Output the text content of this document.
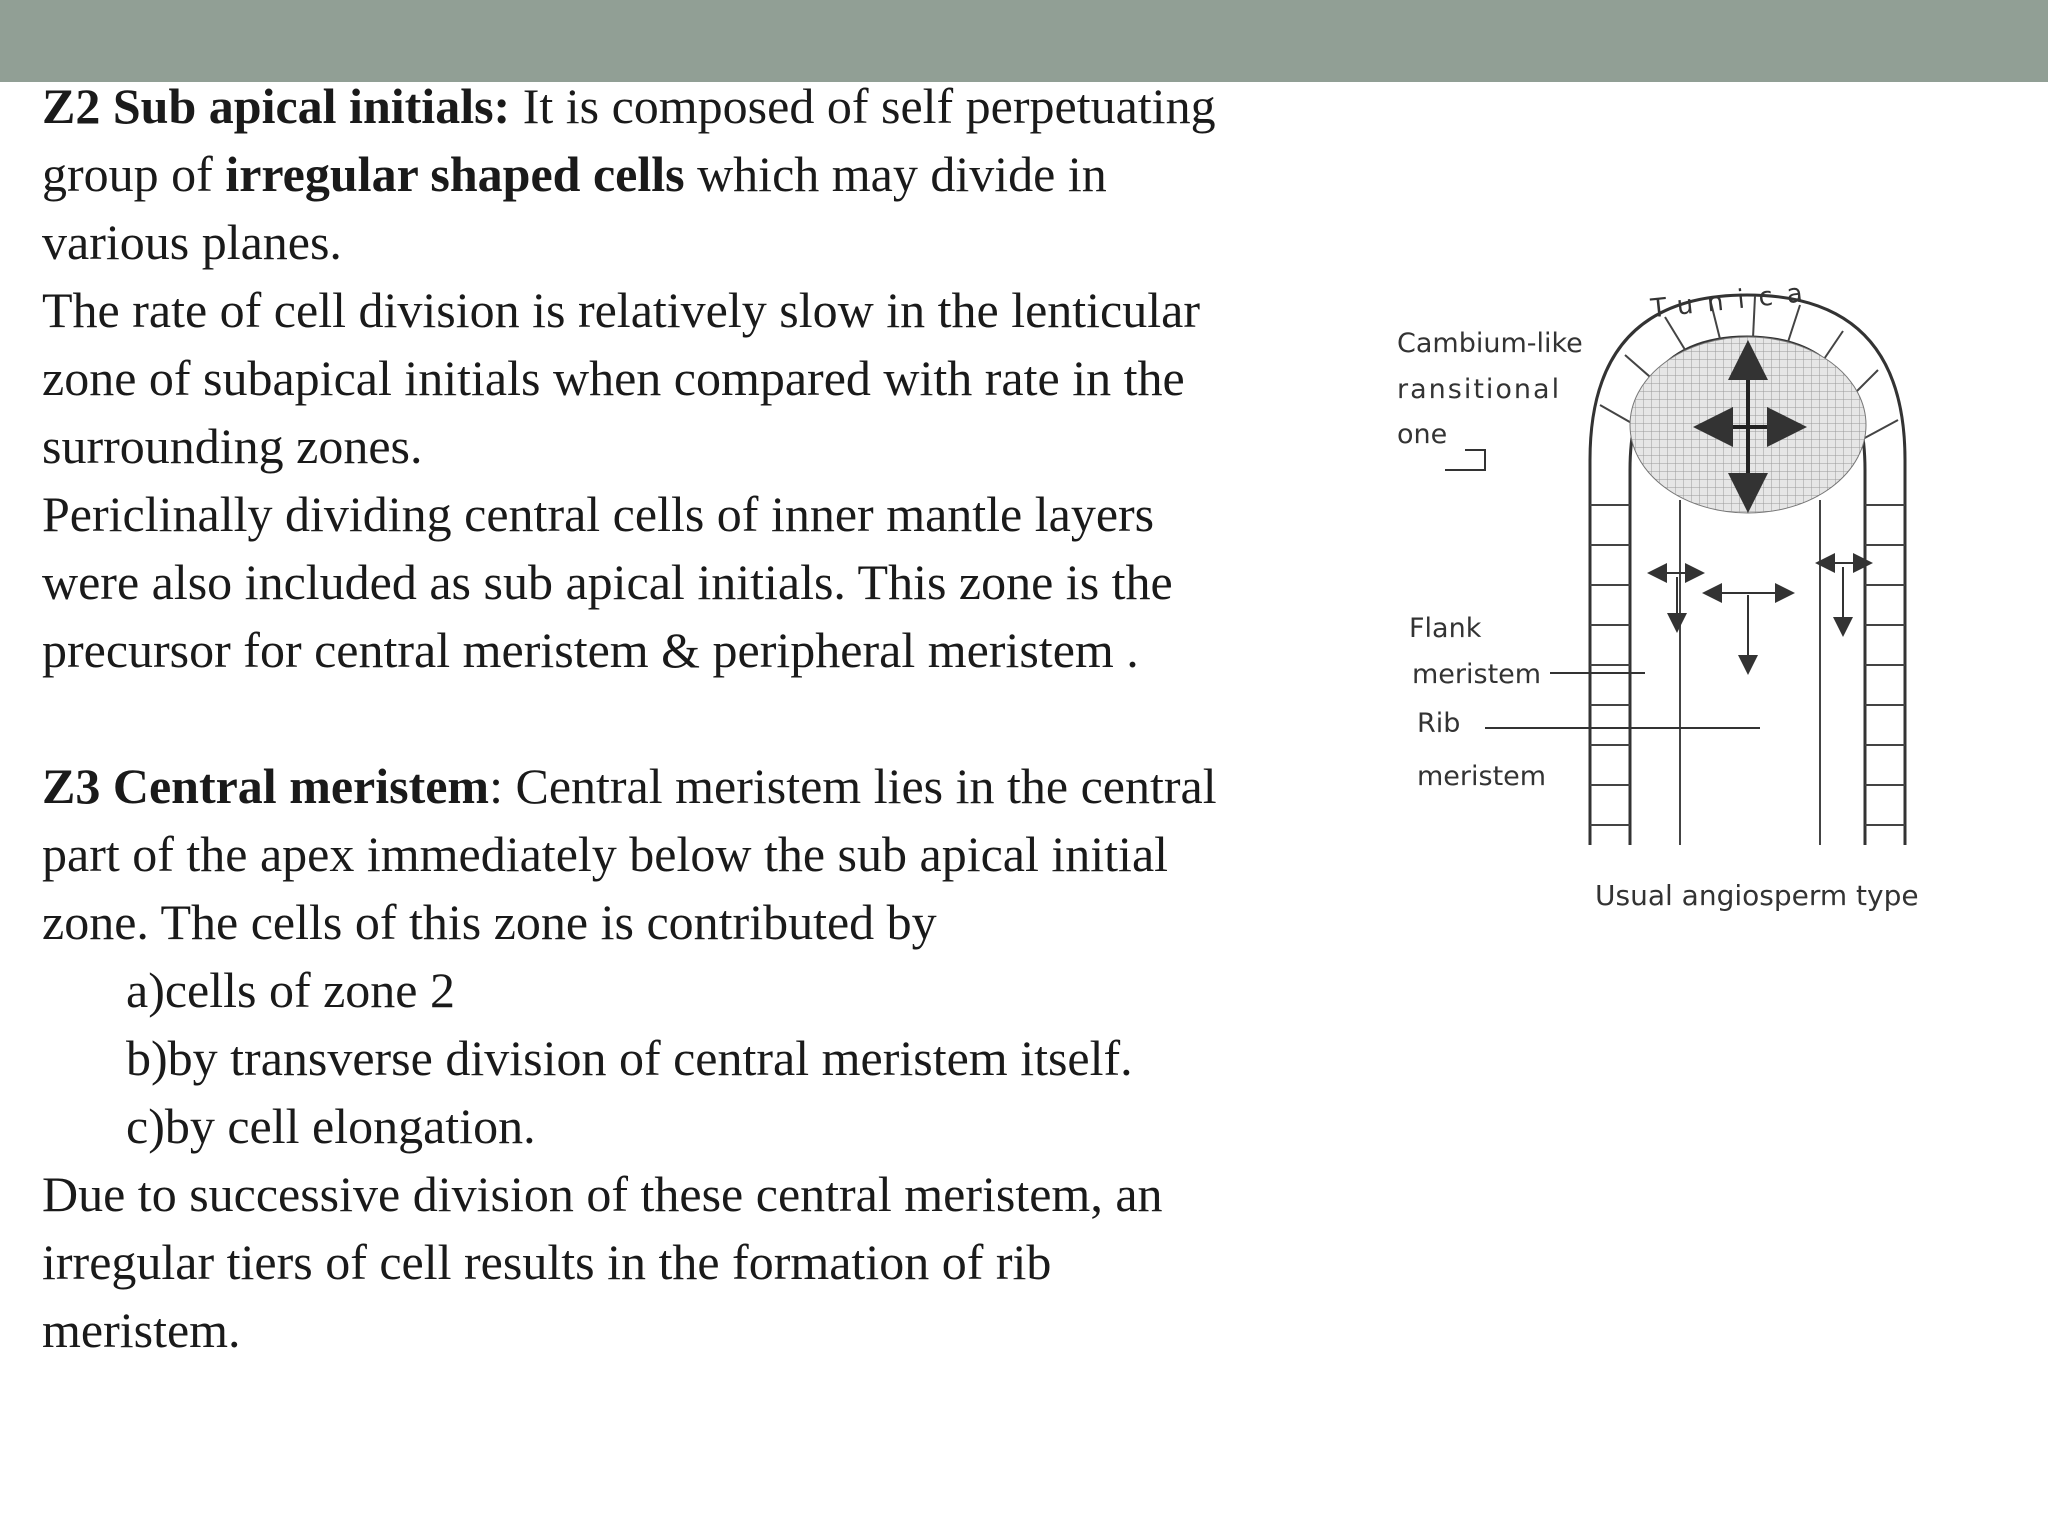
Z2 Sub apical initials: It is composed of self perpetuating

group of irregular shaped cells which may divide in

various planes.

The rate of cell division is relatively slow in the lenticular

zone of subapical initials when compared with rate in the

surrounding zones.

Periclinally dividing central cells of inner mantle layers

were also included as sub apical initials. This zone is the

precursor for central meristem & peripheral meristem .

Z3 Central meristem: Central meristem lies in the central

part of the apex immediately below the sub apical initial

zone. The cells of this zone is contributed by

a)cells of zone 2

b)by transverse division of central meristem itself.

c)by cell elongation.

Due to successive division of these central meristem, an

irregular tiers of cell results in the formation of rib

meristem.

Tunica
Cambium-like
ransitional
one
Flank
meristem
Rib
meristem
Usual angiosperm type
